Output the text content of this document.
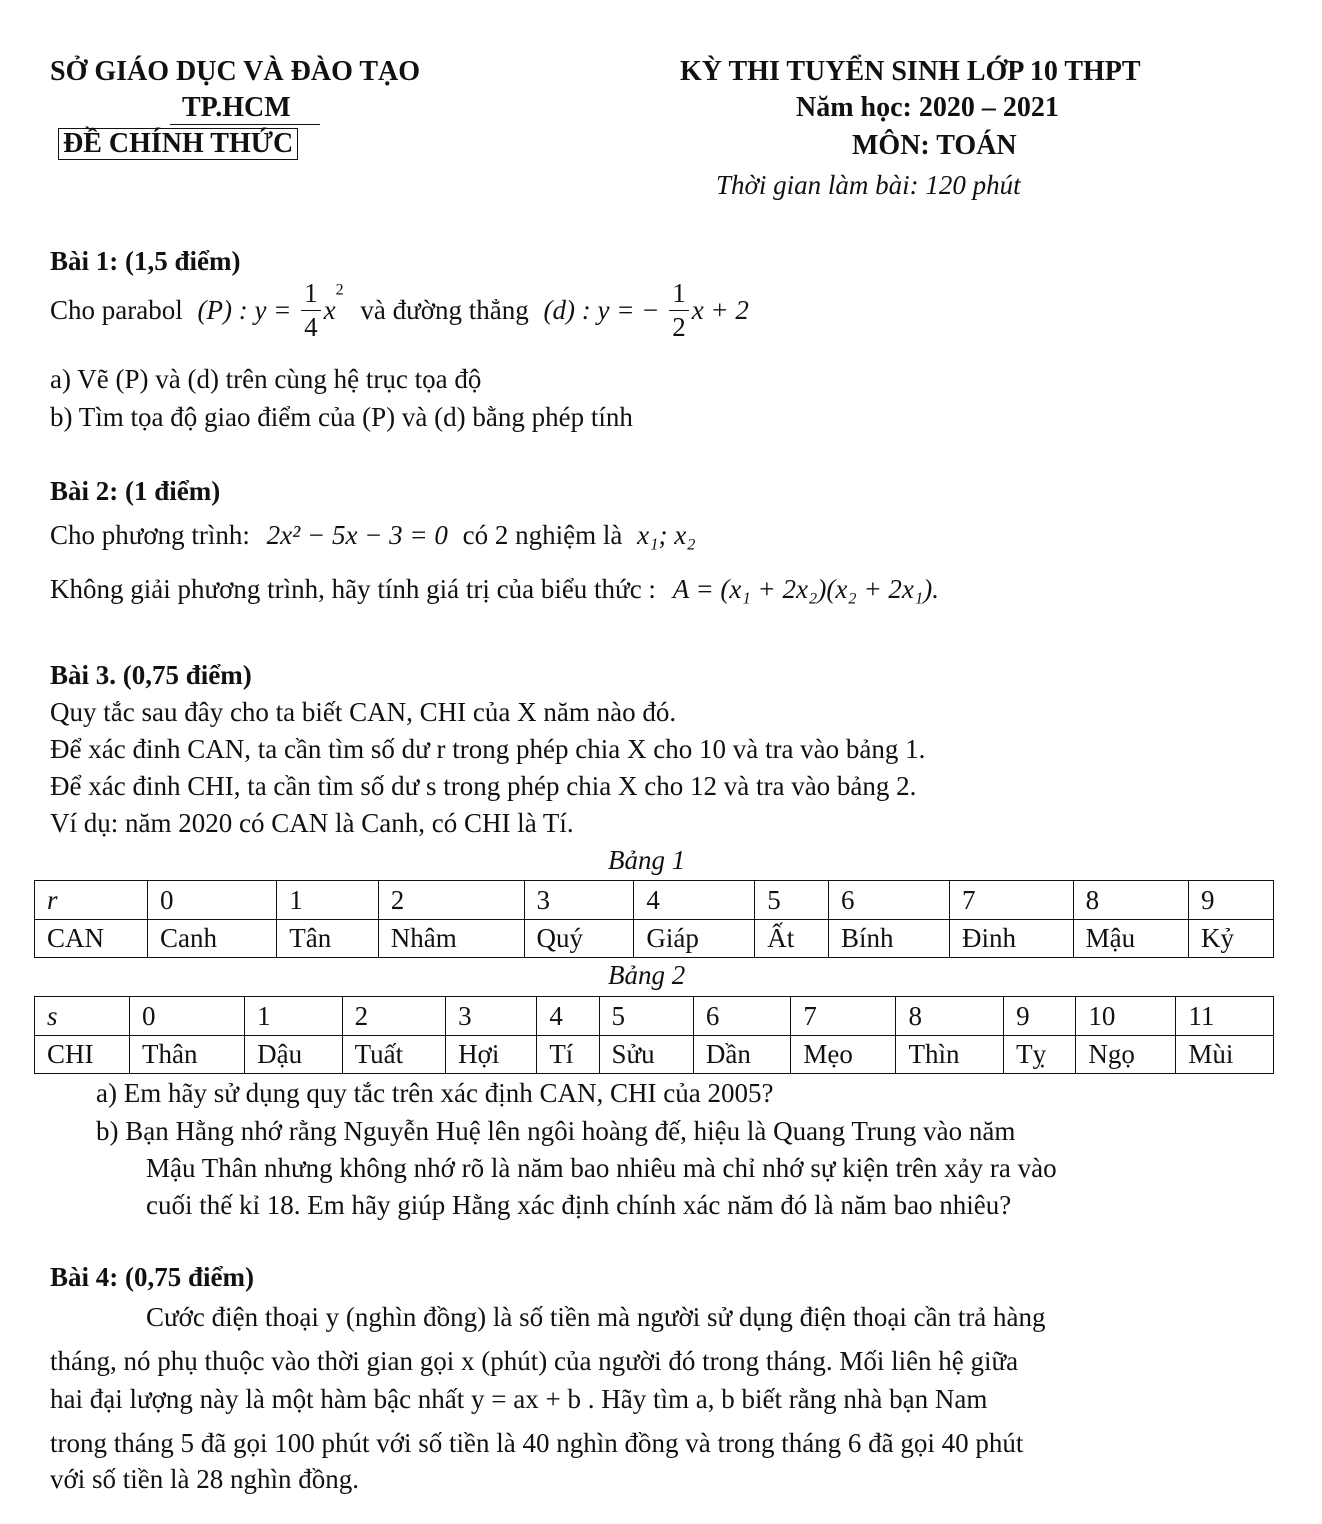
SỞ GIÁO DỤC VÀ ĐÀO TẠO
TP.HCM
ĐỀ CHÍNH THỨC
KỲ THI TUYỂN SINH LỚP 10 THPT
Năm học: 2020 – 2021
MÔN: TOÁN
Thời gian làm bài: 120 phút
Bài 1: (1,5 điểm)
Cho parabol (P) : $y = \frac{1}{4} x^2$ và đường thẳng (d) : y = − $\frac{1}{2}$ x + 2
a) Vẽ (P) và (d) trên cùng hệ trục tọa độ
b) Tìm tọa độ giao điểm của (P) và (d) bằng phép tính
Bài 2: (1 điểm)
Cho phương trình: 2x² − 5x − 3 = 0 có 2 nghiệm là x₁; x₂
Không giải phương trình, hãy tính giá trị của biểu thức : A = (x₁ + 2x₂)(x₂ + 2x₁).
Bài 3. (0,75 điểm)
Quy tắc sau đây cho ta biết CAN, CHI của X năm nào đó.
Để xác đinh CAN, ta cần tìm số dư r trong phép chia X cho 10 và tra vào bảng 1.
Để xác đinh CHI, ta cần tìm số dư s trong phép chia X cho 12 và tra vào bảng 2.
Ví dụ: năm 2020 có CAN là Canh, có CHI là Tí.
Bảng 1
r	0	1	2	3	4	5	6	7	8	9
CAN	Canh	Tân	Nhâm	Quý	Giáp	Ất	Bính	Đinh	Mậu	Kỷ
Bảng 2
s	0	1	2	3	4	5	6	7	8	9	10	11
CHI	Thân	Dậu	Tuất	Hợi	Tí	Sửu	Dần	Mẹo	Thìn	Tỵ	Ngọ	Mùi
a) Em hãy sử dụng quy tắc trên xác định CAN, CHI của 2005?
b) Bạn Hằng nhớ rằng Nguyễn Huệ lên ngôi hoàng đế, hiệu là Quang Trung vào năm
Mậu Thân nhưng không nhớ rõ là năm bao nhiêu mà chỉ nhớ sự kiện trên xảy ra vào
cuối thế kỉ 18. Em hãy giúp Hằng xác định chính xác năm đó là năm bao nhiêu?
Bài 4: (0,75 điểm)
Cước điện thoại y (nghìn đồng) là số tiền mà người sử dụng điện thoại cần trả hàng
tháng, nó phụ thuộc vào thời gian gọi x (phút) của người đó trong tháng. Mối liên hệ giữa
hai đại lượng này là một hàm bậc nhất y = ax + b . Hãy tìm a, b biết rằng nhà bạn Nam
trong tháng 5 đã gọi 100 phút với số tiền là 40 nghìn đồng và trong tháng 6 đã gọi 40 phút
với số tiền là 28 nghìn đồng.
